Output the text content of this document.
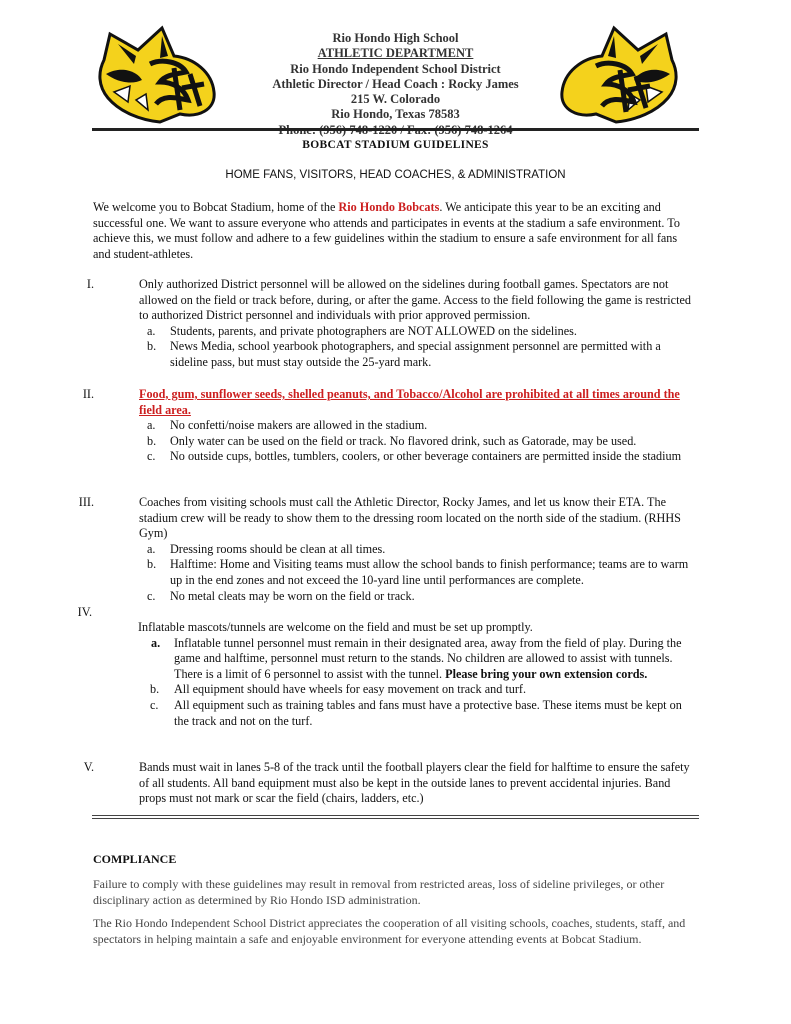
Rio Hondo High School
ATHLETIC DEPARTMENT
Rio Hondo Independent School District
Athletic Director / Head Coach : Rocky James
215 W. Colorado
Rio Hondo, Texas 78583
Phone: (956) 748-1220 / Fax: (956) 748-1264
BOBCAT STADIUM GUIDELINES
HOME FANS, VISITORS, HEAD COACHES, & ADMINISTRATION
We welcome you to Bobcat Stadium, home of the Rio Hondo Bobcats. We anticipate this year to be an exciting and successful one. We want to assure everyone who attends and participates in events at the stadium a safe environment. To achieve this, we must follow and adhere to a few guidelines within the stadium to ensure a safe environment for all fans and student-athletes.
I.	Only authorized District personnel will be allowed on the sidelines during football games. Spectators are not allowed on the field or track before, during, or after the game. Access to the field following the game is restricted to authorized District personnel and individuals with prior approved permission.
a. Students, parents, and private photographers are NOT ALLOWED on the sidelines.
b. News Media, school yearbook photographers, and special assignment personnel are permitted with a sideline pass, but must stay outside the 25-yard mark.
II.	Food, gum, sunflower seeds, shelled peanuts, and Tobacco/Alcohol are prohibited at all times around the field area.
a. No confetti/noise makers are allowed in the stadium.
b. Only water can be used on the field or track. No flavored drink, such as Gatorade, may be used.
c. No outside cups, bottles, tumblers, coolers, or other beverage containers are permitted inside the stadium
III.	Coaches from visiting schools must call the Athletic Director, Rocky James, and let us know their ETA. The stadium crew will be ready to show them to the dressing room located on the north side of the stadium. (RHHS Gym)
a. Dressing rooms should be clean at all times.
b. Halftime: Home and Visiting teams must allow the school bands to finish performance; teams are to warm up in the end zones and not exceed the 10-yard line until performances are complete.
c. No metal cleats may be worn on the field or track.
IV.
Inflatable mascots/tunnels are welcome on the field and must be set up promptly.
a. Inflatable tunnel personnel must remain in their designated area, away from the field of play. During the game and halftime, personnel must return to the stands. No children are allowed to assist with tunnels. There is a limit of 6 personnel to assist with the tunnel. Please bring your own extension cords.
b. All equipment should have wheels for easy movement on track and turf.
c. All equipment such as training tables and fans must have a protective base. These items must be kept on the track and not on the turf.
V.	Bands must wait in lanes 5-8 of the track until the football players clear the field for halftime to ensure the safety of all students. All band equipment must also be kept in the outside lanes to prevent accidental injuries. Band props must not mark or scar the field (chairs, ladders, etc.)
COMPLIANCE

Failure to comply with these guidelines may result in removal from restricted areas, loss of sideline privileges, or other disciplinary action as determined by Rio Hondo ISD administration.

The Rio Hondo Independent School District appreciates the cooperation of all visiting schools, coaches, students, staff, and spectators in helping maintain a safe and enjoyable environment for everyone attending events at Bobcat Stadium.
